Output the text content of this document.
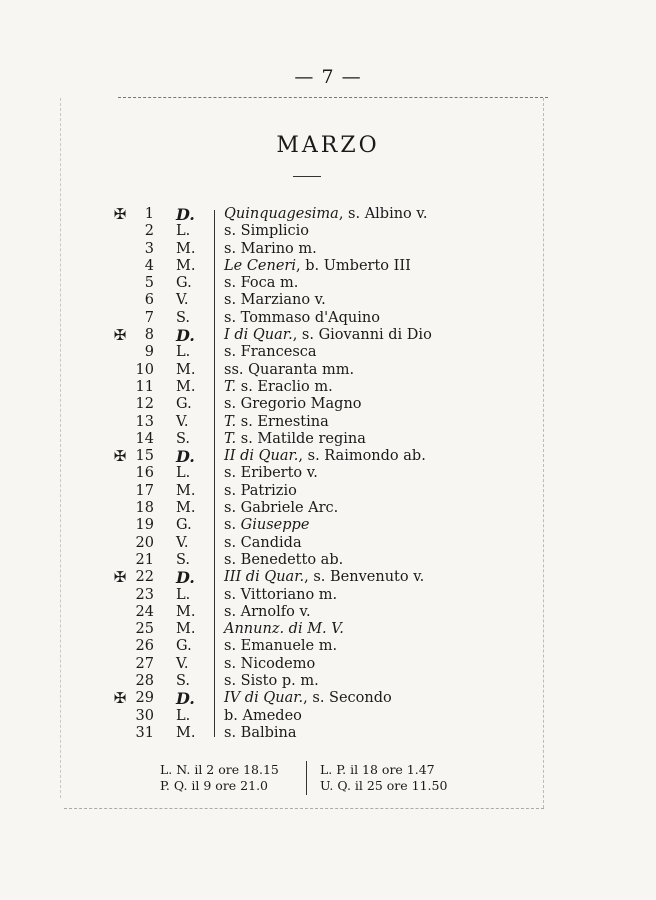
— 7 —
MARZO
✠	1 D.	Quinquagesima, s. Albino v.
2 L.	s. Simplicio
3 M.	s. Marino m.
4 M.	Le Ceneri, b. Umberto III
5 G.	s. Foca m.
6 V.	s. Marziano v.
7 S.	s. Tommaso d'Aquino
✠	8 D.	I di Quar., s. Giovanni di Dio
9 L.	s. Francesca
10 M.	ss. Quaranta mm.
11 M.	T. s. Eraclio m.
12 G.	s. Gregorio Magno
13 V.	T. s. Ernestina
14 S.	T. s. Matilde regina
✠ 15 D.	II di Quar., s. Raimondo ab.
16 L.	s. Eriberto v.
17 M.	s. Patrizio
18 M.	s. Gabriele Arc.
19 G.	s. Giuseppe
20 V.	s. Candida
21 S.	s. Benedetto ab.
✠ 22 D.	III di Quar., s. Benvenuto v.
23 L.	s. Vittoriano m.
24 M.	s. Arnolfo v.
25 M.	Annunz. di M. V.
26 G.	s. Emanuele m.
27 V.	s. Nicodemo
28 S.	s. Sisto p. m.
✠ 29 D.	IV di Quar., s. Secondo
30 L.	b. Amedeo
31 M.	s. Balbina
L. N. il 2 ore 18.15	L. P. il 18 ore 1.47
P. Q. il 9 ore 21.0	U. Q. il 25 ore 11.50
